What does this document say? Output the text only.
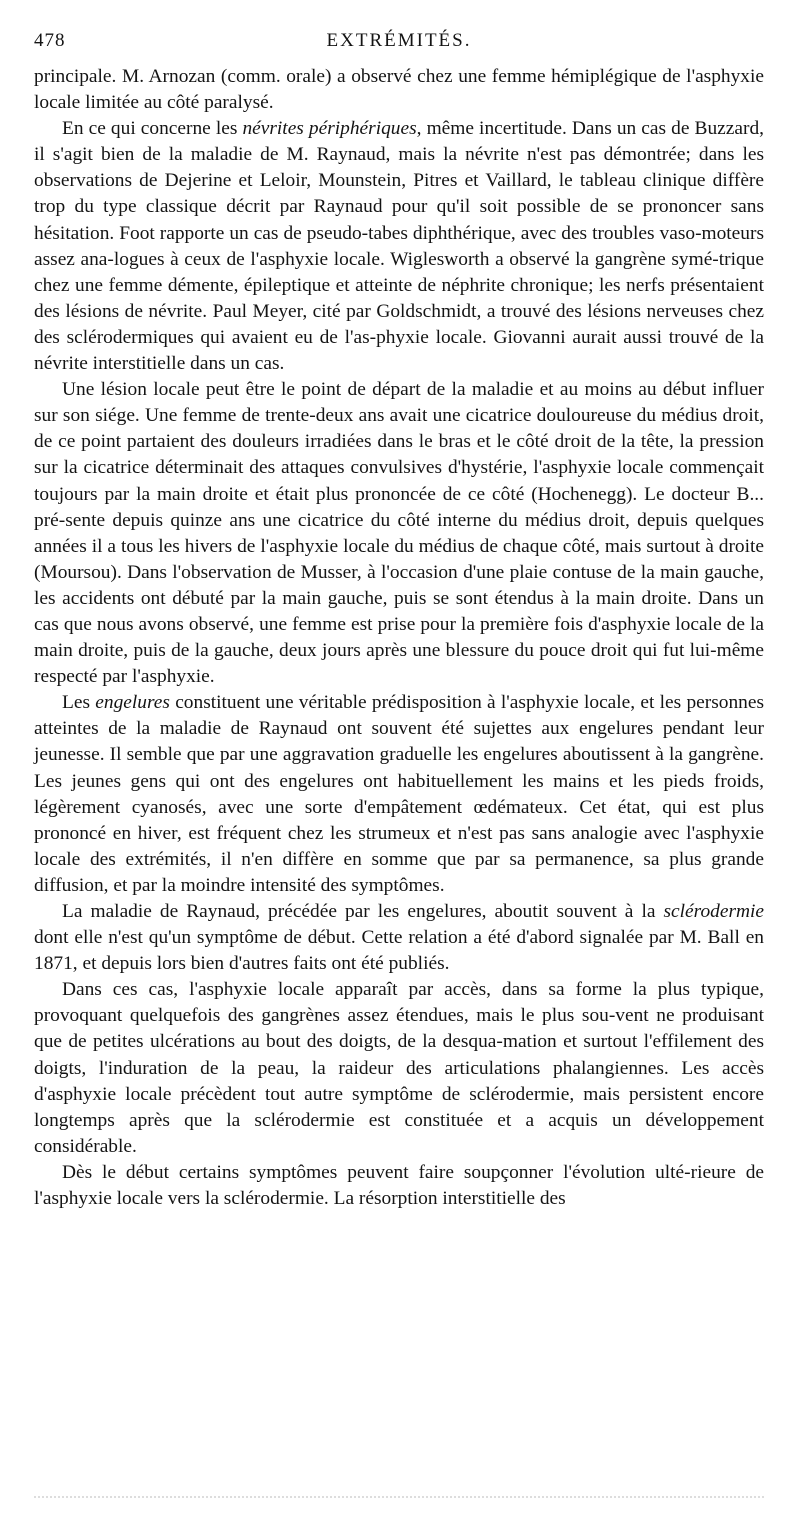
478	EXTRÉMITÉS.

principale. M. Arnozan (comm. orale) a observé chez une femme hémiplégique de l'asphyxie locale limitée au côté paralysé.

En ce qui concerne les névrites périphériques, même incertitude. Dans un cas de Buzzard, il s'agit bien de la maladie de M. Raynaud, mais la névrite n'est pas démontrée; dans les observations de Dejerine et Leloir, Mounstein, Pitres et Vaillard, le tableau clinique diffère trop du type classique décrit par Raynaud pour qu'il soit possible de se prononcer sans hésitation. Foot rapporte un cas de pseudo-tabes diphthérique, avec des troubles vaso-moteurs assez ana-logues à ceux de l'asphyxie locale. Wiglesworth a observé la gangrène symé-trique chez une femme démente, épileptique et atteinte de néphrite chronique; les nerfs présentaient des lésions de névrite. Paul Meyer, cité par Goldschmidt, a trouvé des lésions nerveuses chez des sclérodermiques qui avaient eu de l'as-phyxie locale. Giovanni aurait aussi trouvé de la névrite interstitielle dans un cas.

Une lésion locale peut être le point de départ de la maladie et au moins au début influer sur son siége. Une femme de trente-deux ans avait une cicatrice douloureuse du médius droit, de ce point partaient des douleurs irradiées dans le bras et le côté droit de la tête, la pression sur la cicatrice déterminait des attaques convulsives d'hystérie, l'asphyxie locale commençait toujours par la main droite et était plus prononcée de ce côté (Hochenegg). Le docteur B... pré-sente depuis quinze ans une cicatrice du côté interne du médius droit, depuis quelques années il a tous les hivers de l'asphyxie locale du médius de chaque côté, mais surtout à droite (Moursou). Dans l'observation de Musser, à l'occasion d'une plaie contuse de la main gauche, les accidents ont débuté par la main gauche, puis se sont étendus à la main droite. Dans un cas que nous avons observé, une femme est prise pour la première fois d'asphyxie locale de la main droite, puis de la gauche, deux jours après une blessure du pouce droit qui fut lui-même respecté par l'asphyxie.

Les engelures constituent une véritable prédisposition à l'asphyxie locale, et les personnes atteintes de la maladie de Raynaud ont souvent été sujettes aux engelures pendant leur jeunesse. Il semble que par une aggravation graduelle les engelures aboutissent à la gangrène. Les jeunes gens qui ont des engelures ont habituellement les mains et les pieds froids, légèrement cyanosés, avec une sorte d'empâtement œdémateux. Cet état, qui est plus prononcé en hiver, est fréquent chez les strumeux et n'est pas sans analogie avec l'asphyxie locale des extrémités, il n'en diffère en somme que par sa permanence, sa plus grande diffusion, et par la moindre intensité des symptômes.

La maladie de Raynaud, précédée par les engelures, aboutit souvent à la sclérodermie dont elle n'est qu'un symptôme de début. Cette relation a été d'abord signalée par M. Ball en 1871, et depuis lors bien d'autres faits ont été publiés.

Dans ces cas, l'asphyxie locale apparaît par accès, dans sa forme la plus typique, provoquant quelquefois des gangrènes assez étendues, mais le plus sou-vent ne produisant que de petites ulcérations au bout des doigts, de la desqua-mation et surtout l'effilement des doigts, l'induration de la peau, la raideur des articulations phalangiennes. Les accès d'asphyxie locale précèdent tout autre symptôme de sclérodermie, mais persistent encore longtemps après que la sclérodermie est constituée et a acquis un développement considérable.

Dès le début certains symptômes peuvent faire soupçonner l'évolution ulté-rieure de l'asphyxie locale vers la sclérodermie. La résorption interstitielle des
